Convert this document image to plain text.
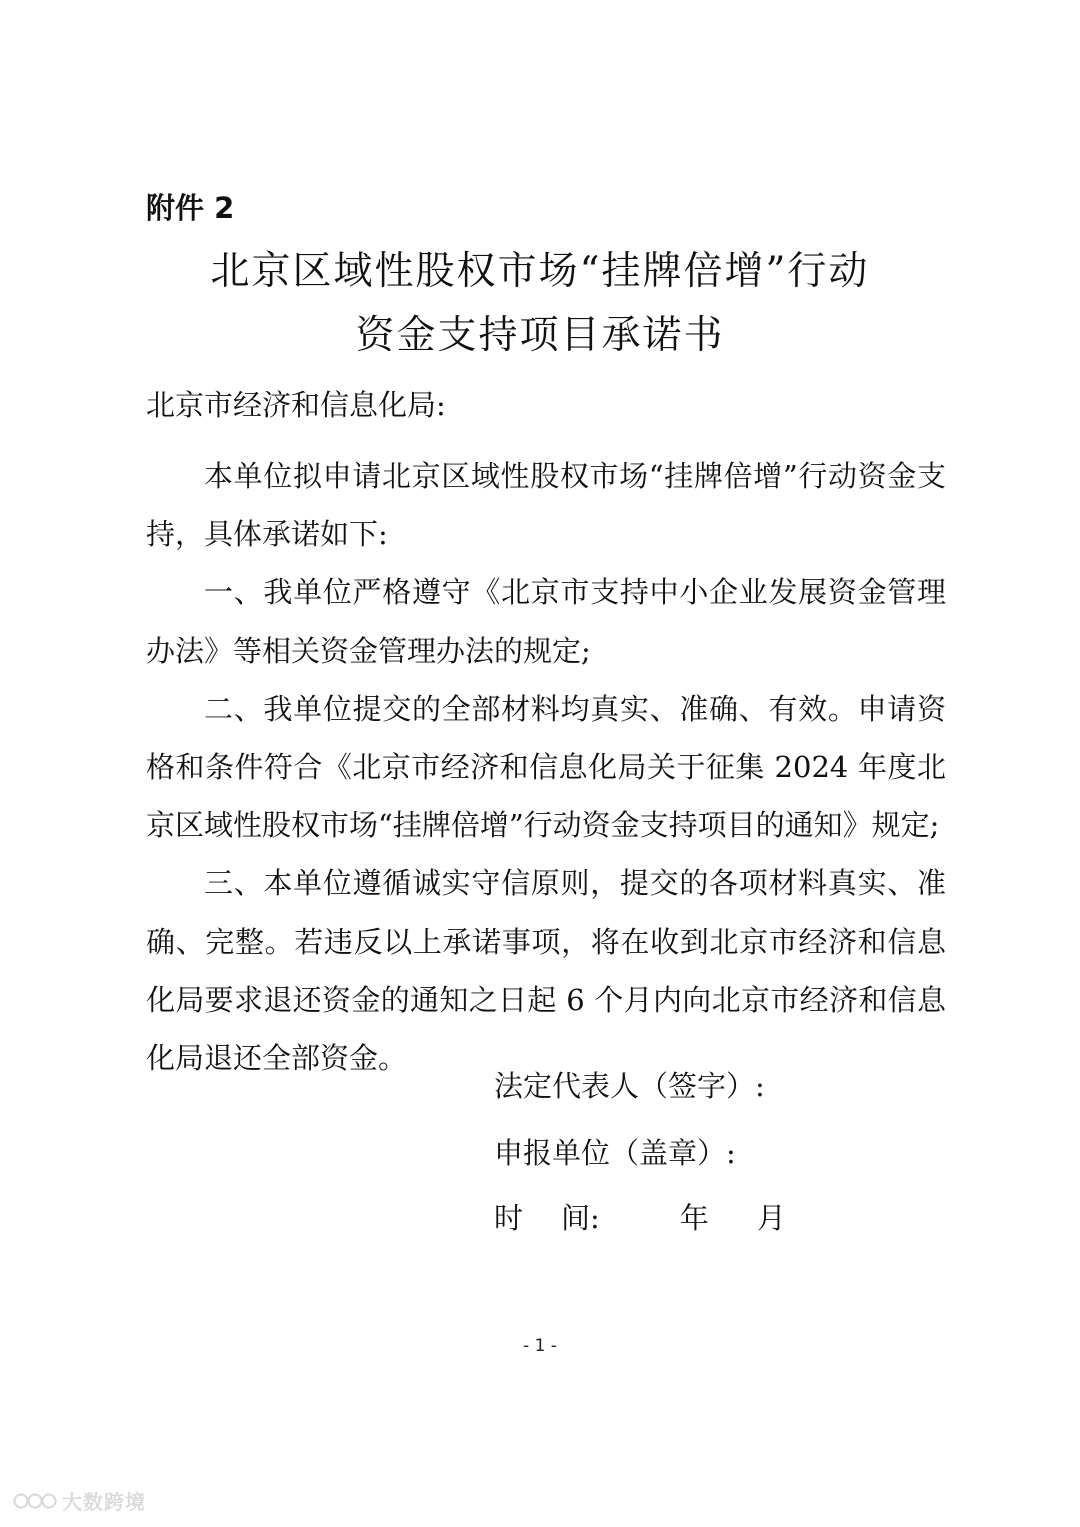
附件 2
北京区域性股权市场“挂牌倍增”行动
资金支持项目承诺书
北京市经济和信息化局:

本单位拟申请北京区域性股权市场“挂牌倍增”行动资金支持，具体承诺如下:

一、我单位严格遵守《北京市支持中小企业发展资金管理办法》等相关资金管理办法的规定;

二、我单位提交的全部材料均真实、准确、有效。申请资格和条件符合《北京市经济和信息化局关于征集 2024 年度北京区域性股权市场“挂牌倍增”行动资金支持项目的通知》规定;

三、本单位遵循诚实守信原则，提交的各项材料真实、准确、完整。若违反以上承诺事项，将在收到北京市经济和信息化局要求退还资金的通知之日起 6 个月内向北京市经济和信息化局退还全部资金。

法定代表人（签字）:
申报单位（盖章）:
时 间:	年 月
- 1 -
大数跨境
